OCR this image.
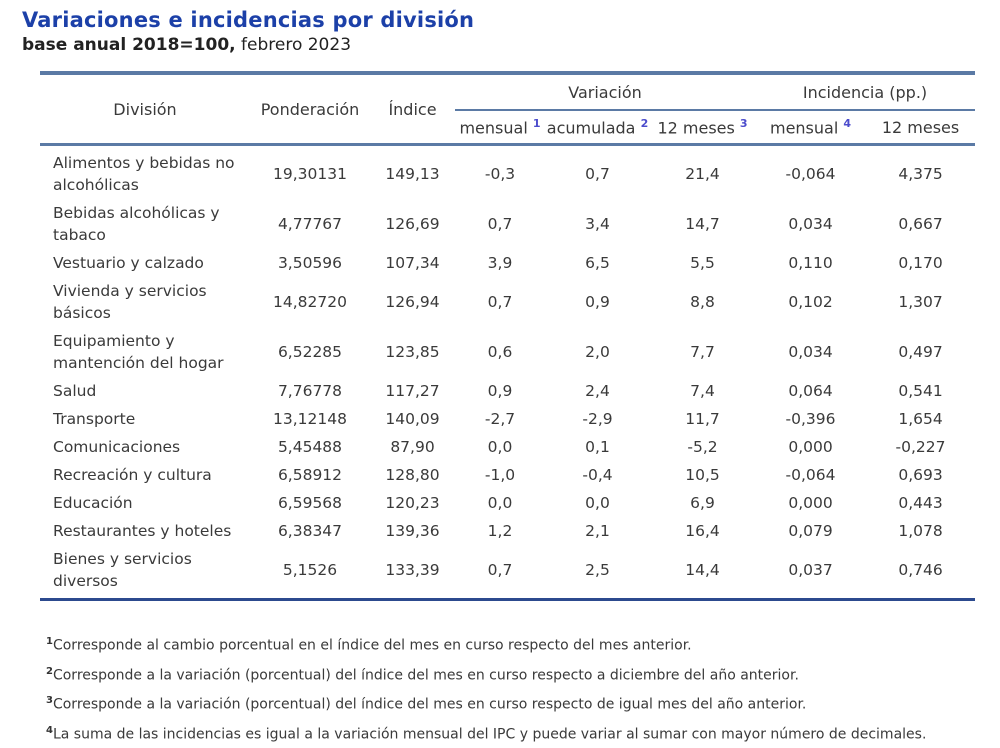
Variaciones e incidencias por división
base anual 2018=100, febrero 2023
División	Ponderación	Índice	Variación			Incidencia (pp.)	
			mensual $^1$	acumulada $^2$	12 meses $^3$	mensual $^4$	12 meses
Alimentos y bebidas no alcohólicas	19,30131	149,13	-0,3	0,7	21,4	-0,064	4,375
Bebidas alcohólicas y tabaco	4,77767	126,69	0,7	3,4	14,7	0,034	0,667
Vestuario y calzado	3,50596	107,34	3,9	6,5	5,5	0,110	0,170
Vivienda y servicios básicos	14,82720	126,94	0,7	0,9	8,8	0,102	1,307
Equipamiento y mantención del hogar	6,52285	123,85	0,6	2,0	7,7	0,034	0,497
Salud	7,76778	117,27	0,9	2,4	7,4	0,064	0,541
Transporte	13,12148	140,09	-2,7	-2,9	11,7	-0,396	1,654
Comunicaciones	5,45488	87,90	0,0	0,1	-5,2	0,000	-0,227
Recreación y cultura	6,58912	128,80	-1,0	-0,4	10,5	-0,064	0,693
Educación	6,59568	120,23	0,0	0,0	6,9	0,000	0,443
Restaurantes y hoteles	6,38347	139,36	1,2	2,1	16,4	0,079	1,078
Bienes y servicios diversos	5,1526	133,39	0,7	2,5	14,4	0,037	0,746
$^1$Corresponde al cambio porcentual en el índice del mes en curso respecto del mes anterior.
$^2$Corresponde a la variación (porcentual) del índice del mes en curso respecto a diciembre del año anterior.
$^3$Corresponde a la variación (porcentual) del índice del mes en curso respecto de igual mes del año anterior.
$^4$La suma de las incidencias es igual a la variación mensual del IPC y puede variar al sumar con mayor número de decimales.
